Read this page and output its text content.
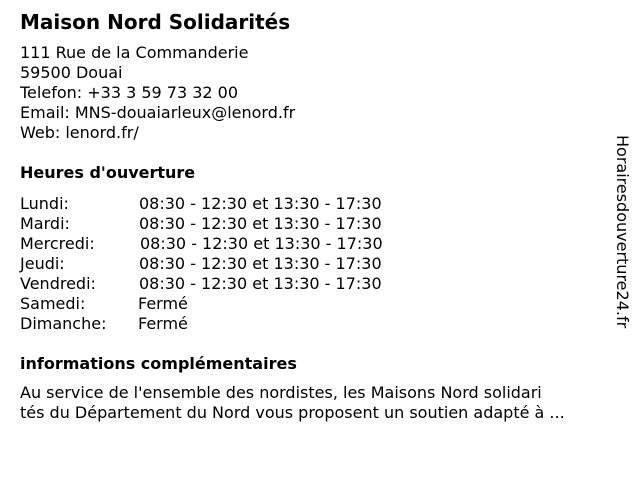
Maison Nord Solidarités
111 Rue de la Commanderie
59500 Douai
Telefon: +33 3 59 73 32 00
Email: MNS-douaiarleux@lenord.fr
Web: lenord.fr/
Heures d'ouverture
Lundi:	08:30 - 12:30 et 13:30 - 17:30
Mardi:	08:30 - 12:30 et 13:30 - 17:30
Mercredi:	08:30 - 12:30 et 13:30 - 17:30
Jeudi:	08:30 - 12:30 et 13:30 - 17:30
Vendredi:	08:30 - 12:30 et 13:30 - 17:30
Samedi:	Fermé
Dimanche: Fermé
informations complémentaires
Au service de l'ensemble des nordistes, les Maisons Nord solidari
tés du Département du Nord vous proposent un soutien adapté à ...
Horairesdouverture24.fr
